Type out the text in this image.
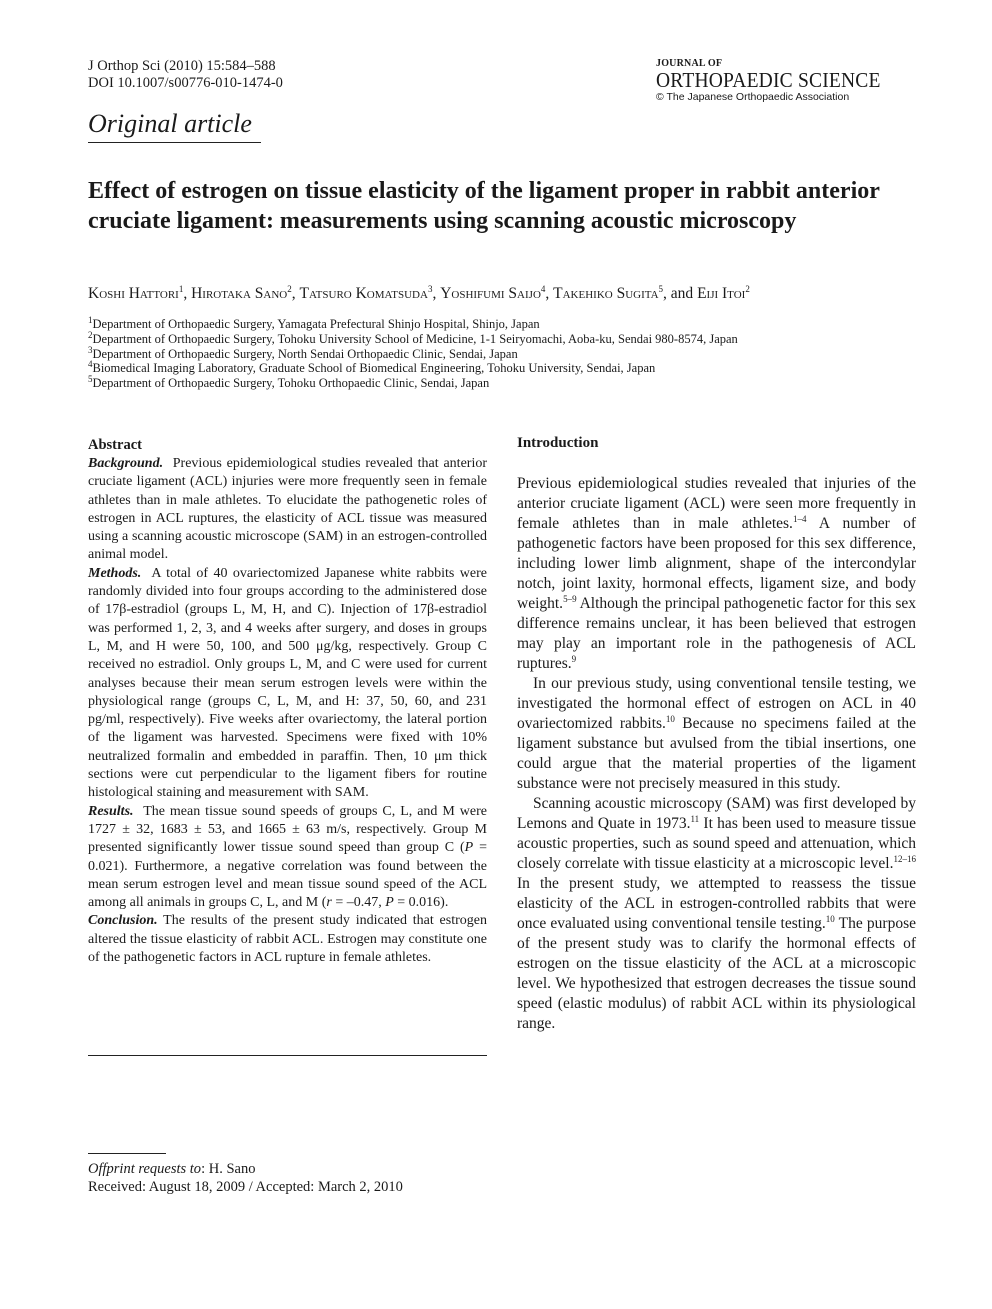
J Orthop Sci (2010) 15:584–588
DOI 10.1007/s00776-010-1474-0
JOURNAL OF
ORTHOPAEDIC SCIENCE
© The Japanese Orthopaedic Association
Original article
Effect of estrogen on tissue elasticity of the ligament proper in rabbit anterior cruciate ligament: measurements using scanning acoustic microscopy
Koshi Hattori$^1$, Hirotaka Sano$^2$, Tatsuro Komatsuda$^3$, Yoshifumi Saijo$^4$, Takehiko Sugita$^5$, and Eiji Itoi$^2$
$^1$Department of Orthopaedic Surgery, Yamagata Prefectural Shinjo Hospital, Shinjo, Japan
$^2$Department of Orthopaedic Surgery, Tohoku University School of Medicine, 1-1 Seiryomachi, Aoba-ku, Sendai 980-8574, Japan
$^3$Department of Orthopaedic Surgery, North Sendai Orthopaedic Clinic, Sendai, Japan
$^4$Biomedical Imaging Laboratory, Graduate School of Biomedical Engineering, Tohoku University, Sendai, Japan
$^5$Department of Orthopaedic Surgery, Tohoku Orthopaedic Clinic, Sendai, Japan
Abstract

Background. Previous epidemiological studies revealed that anterior cruciate ligament (ACL) injuries were more frequently seen in female athletes than in male athletes. To elucidate the pathogenetic roles of estrogen in ACL ruptures, the elasticity of ACL tissue was measured using a scanning acoustic microscope (SAM) in an estrogen-controlled animal model.

Methods. A total of 40 ovariectomized Japanese white rabbits were randomly divided into four groups according to the administered dose of 17β-estradiol (groups L, M, H, and C). Injection of 17β-estradiol was performed 1, 2, 3, and 4 weeks after surgery, and doses in groups L, M, and H were 50, 100, and 500 μg/kg, respectively. Group C received no estradiol. Only groups L, M, and C were used for current analyses because their mean serum estrogen levels were within the physiological range (groups C, L, M, and H: 37, 50, 60, and 231 pg/ml, respectively). Five weeks after ovariectomy, the lateral portion of the ligament was harvested. Specimens were fixed with 10% neutralized formalin and embedded in paraffin. Then, 10 μm thick sections were cut perpendicular to the ligament fibers for routine histological staining and measurement with SAM.

Results. The mean tissue sound speeds of groups C, L, and M were 1727 ± 32, 1683 ± 53, and 1665 ± 63 m/s, respectively. Group M presented significantly lower tissue sound speed than group C (P = 0.021). Furthermore, a negative correlation was found between the mean serum estrogen level and mean tissue sound speed of the ACL among all animals in groups C, L, and M (r = –0.47, P = 0.016).

Conclusion. The results of the present study indicated that estrogen altered the tissue elasticity of rabbit ACL. Estrogen may constitute one of the pathogenetic factors in ACL rupture in female athletes.

Introduction

Previous epidemiological studies revealed that injuries of the anterior cruciate ligament (ACL) were seen more frequently in female athletes than in male athletes.$^{1-4}$ A number of pathogenetic factors have been proposed for this sex difference, including lower limb alignment, shape of the intercondylar notch, joint laxity, hormonal effects, ligament size, and body weight.$^{5-9}$ Although the principal pathogenetic factor for this sex difference remains unclear, it has been believed that estrogen may play an important role in the pathogenesis of ACL ruptures.$^9$

In our previous study, using conventional tensile testing, we investigated the hormonal effect of estrogen on ACL in 40 ovariectomized rabbits.$^{10}$ Because no specimens failed at the ligament substance but avulsed from the tibial insertions, one could argue that the material properties of the ligament substance were not precisely measured in this study.

Scanning acoustic microscopy (SAM) was first developed by Lemons and Quate in 1973.11 It has been used to measure tissue acoustic properties, such as sound speed and attenuation, which closely correlate with tissue elasticity at a microscopic level.$^{12-16}$ In the present study, we attempted to reassess the tissue elasticity of the ACL in estrogen-controlled rabbits that were once evaluated using conventional tensile testing.$^{10}$ The purpose of the present study was to clarify the hormonal effects of estrogen on the tissue elasticity of the ACL at a microscopic level. We hypothesized that estrogen decreases the tissue sound speed (elastic modulus) of rabbit ACL within its physiological range.

Offprint requests to: H. Sano
Received: August 18, 2009 / Accepted: March 2, 2010
